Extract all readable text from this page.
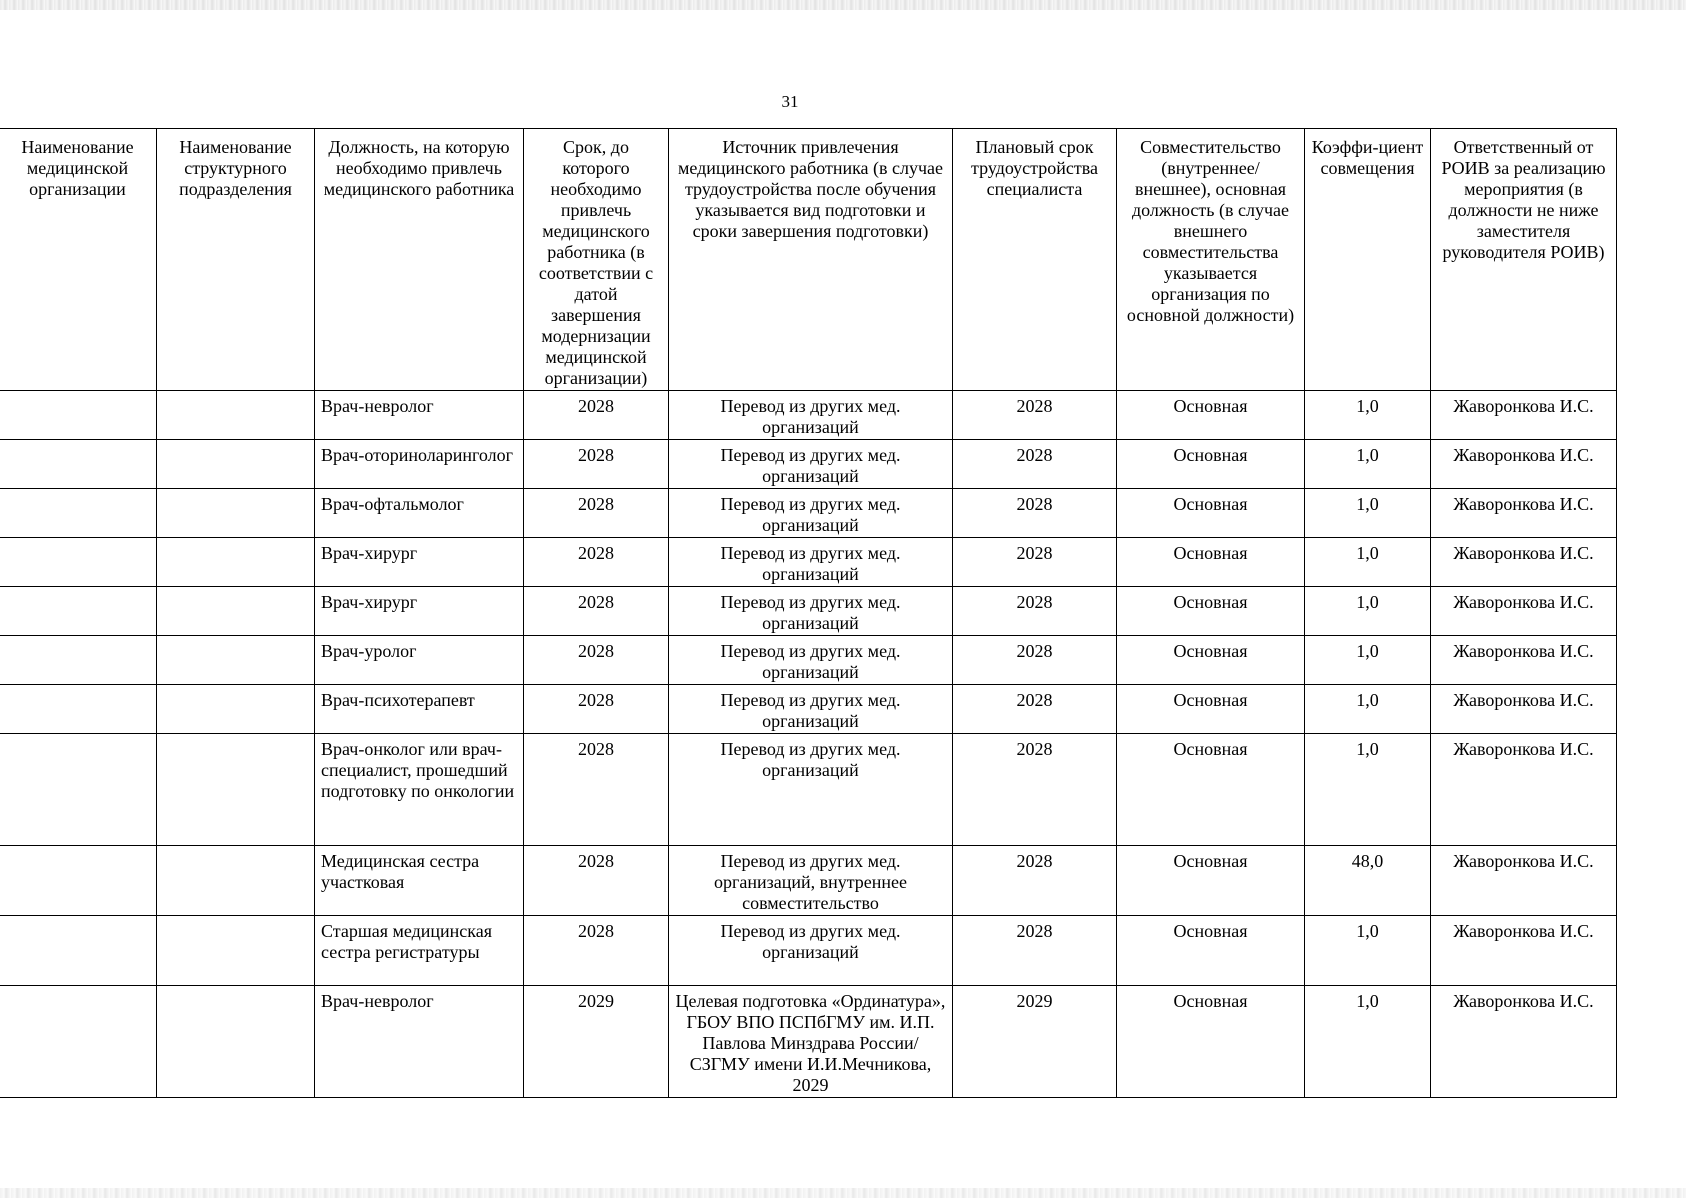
31
Наименование медицинской организации	Наименование структурного подразделения	Должность, на которую необходимо привлечь медицинского работника	Срок, до которого необходимо привлечь медицинского работника (в соответствии с датой завершения модернизации медицинской организации)	Источник привлечения медицинского работника (в случае трудоустройства после обучения указывается вид подготовки и сроки завершения подготовки)	Плановый срок трудоустройства специалиста	Совместительство (внутреннее/ внешнее), основная должность (в случае внешнего совместительства указывается организация по основной должности)	Коэффи-циент совмещения	Ответственный от РОИВ за реализацию мероприятия (в должности не ниже заместителя руководителя РОИВ)
		Врач-невролог	2028	Перевод из других мед. организаций	2028	Основная	1,0	Жаворонкова И.С.
		Врач-оториноларинголог	2028	Перевод из других мед. организаций	2028	Основная	1,0	Жаворонкова И.С.
		Врач-офтальмолог	2028	Перевод из других мед. организаций	2028	Основная	1,0	Жаворонкова И.С.
		Врач-хирург	2028	Перевод из других мед. организаций	2028	Основная	1,0	Жаворонкова И.С.
		Врач-хирург	2028	Перевод из других мед. организаций	2028	Основная	1,0	Жаворонкова И.С.
		Врач-уролог	2028	Перевод из других мед. организаций	2028	Основная	1,0	Жаворонкова И.С.
		Врач-психотерапевт	2028	Перевод из других мед. организаций	2028	Основная	1,0	Жаворонкова И.С.
		Врач-онколог или врач-специалист, прошедший подготовку по онкологии	2028	Перевод из других мед. организаций	2028	Основная	1,0	Жаворонкова И.С.
		Медицинская сестра участковая	2028	Перевод из других мед. организаций, внутреннее совместительство	2028	Основная	48,0	Жаворонкова И.С.
		Старшая медицинская сестра регистратуры	2028	Перевод из других мед. организаций	2028	Основная	1,0	Жаворонкова И.С.
		Врач-невролог	2029	Целевая подготовка «Ординатура», ГБОУ ВПО ПСПбГМУ им. И.П. Павлова Минздрава России/ СЗГМУ имени И.И.Мечникова, 2029	2029	Основная	1,0	Жаворонкова И.С.
